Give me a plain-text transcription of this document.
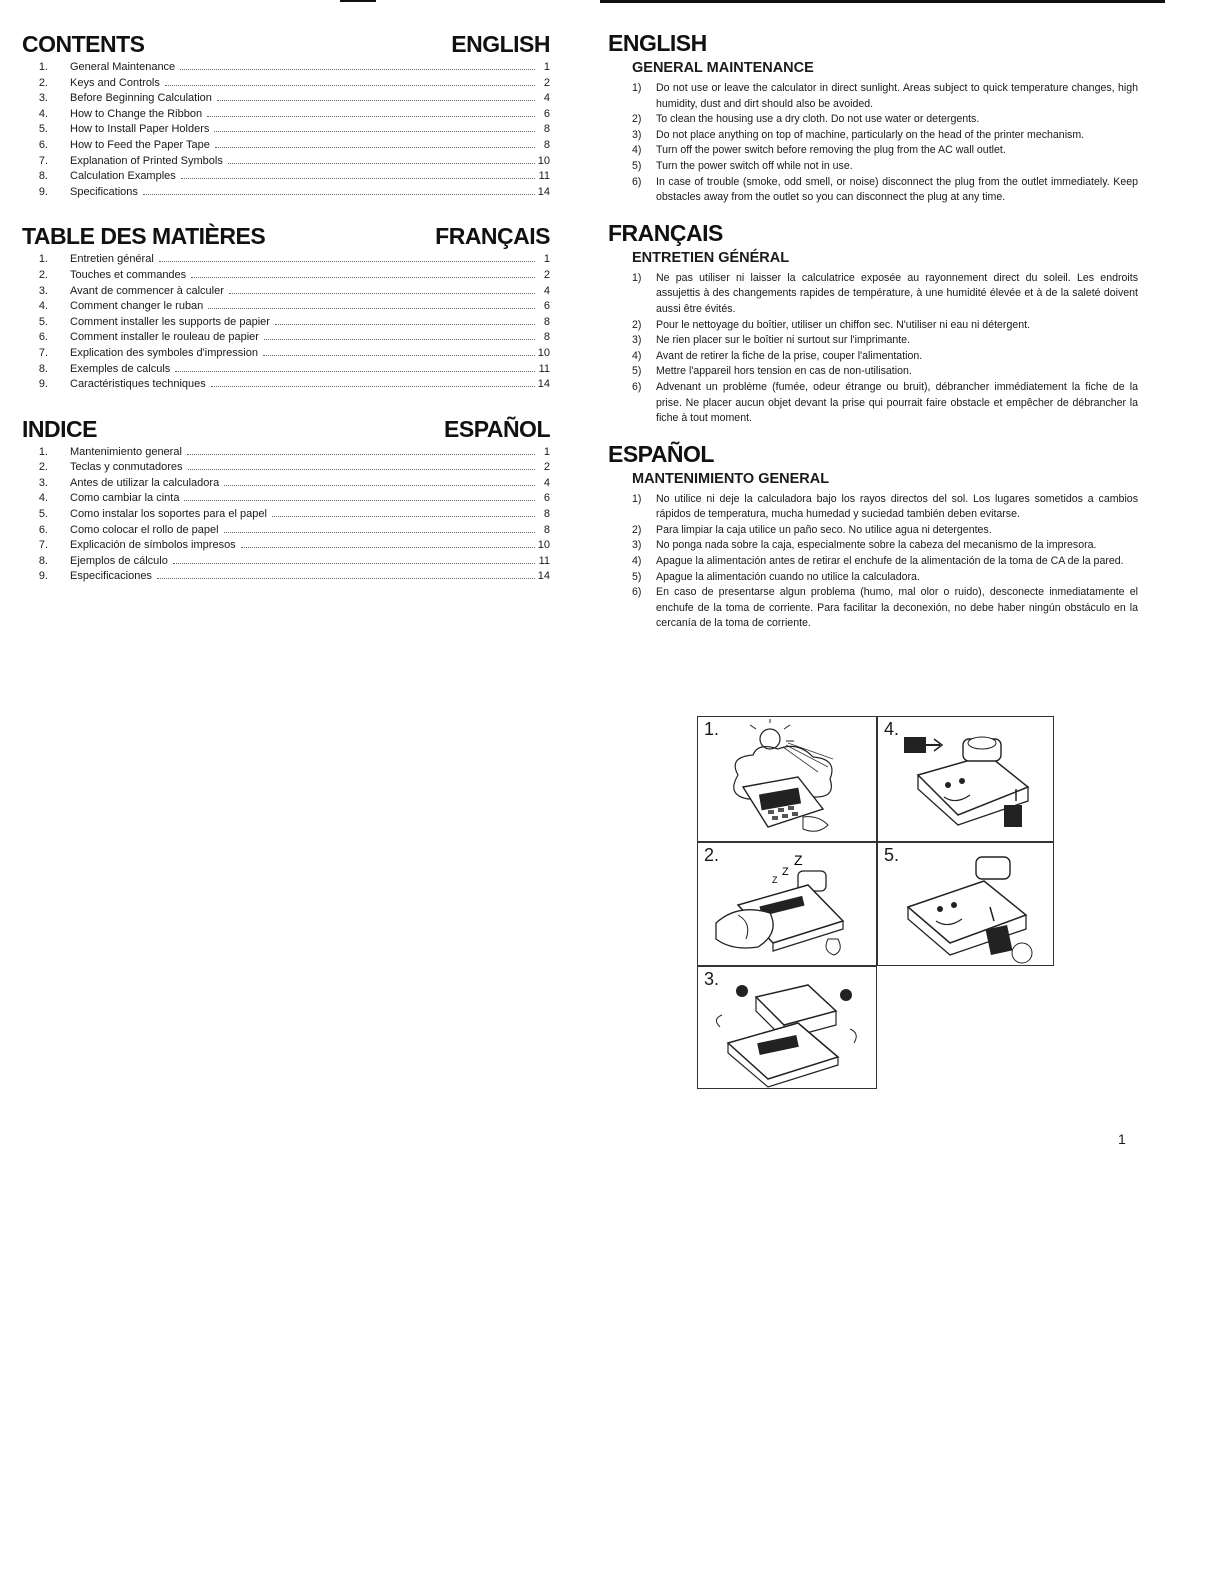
CONTENTS	ENGLISH
1.	General Maintenance	1
2.	Keys and Controls	2
3.	Before Beginning Calculation	4
4.	How to Change the Ribbon	6
5.	How to Install Paper Holders	8
6.	How to Feed the Paper Tape	8
7.	Explanation of Printed Symbols	10
8.	Calculation Examples	11
9.	Specifications	14
TABLE DES MATIÈRES	FRANÇAIS
1.	Entretien général	1
2.	Touches et commandes	2
3.	Avant de commencer à calculer	4
4.	Comment changer le ruban	6
5.	Comment installer les supports de papier	8
6.	Comment installer le rouleau de papier	8
7.	Explication des symboles d'impression	10
8.	Exemples de calculs	11
9.	Caractéristiques techniques	14
INDICE	ESPAÑOL
1.	Mantenimiento general	1
2.	Teclas y conmutadores	2
3.	Antes de utilizar la calculadora	4
4.	Como cambiar la cinta	6
5.	Como instalar los soportes para el papel	8
6.	Como colocar el rollo de papel	8
7.	Explicación de símbolos impresos	10
8.	Ejemplos de cálculo	11
9.	Especificaciones	14
ENGLISH
GENERAL MAINTENANCE
1)	Do not use or leave the calculator in direct sunlight. Areas subject to quick temperature changes, high humidity, dust and dirt should also be avoided.
2)	To clean the housing use a dry cloth. Do not use water or detergents.
3)	Do not place anything on top of machine, particularly on the head of the printer mechanism.
4)	Turn off the power switch before removing the plug from the AC wall outlet.
5)	Turn the power switch off while not in use.
6)	In case of trouble (smoke, odd smell, or noise) disconnect the plug from the outlet immediately. Keep obstacles away from the outlet so you can disconnect the plug at any time.
FRANÇAIS
ENTRETIEN GÉNÉRAL
1)	Ne pas utiliser ni laisser la calculatrice exposée au rayonnement direct du soleil. Les endroits assujettis à des changements rapides de température, à une humidité élevée et à de la saleté doivent aussi être évités.
2)	Pour le nettoyage du boîtier, utiliser un chiffon sec. N'utiliser ni eau ni détergent.
3)	Ne rien placer sur le boîtier ni surtout sur l'imprimante.
4)	Avant de retirer la fiche de la prise, couper l'alimentation.
5)	Mettre l'appareil hors tension en cas de non-utilisation.
6)	Advenant un problème (fumée, odeur étrange ou bruit), débrancher immédiatement la fiche de la prise. Ne placer aucun objet devant la prise qui pourrait faire obstacle et empêcher de débrancher la fiche à tout moment.
ESPAÑOL
MANTENIMIENTO GENERAL
1)	No utilice ni deje la calculadora bajo los rayos directos del sol. Los lugares sometidos a cambios rápidos de temperatura, mucha humedad y suciedad también deben evitarse.
2)	Para limpiar la caja utilice un paño seco. No utilice agua ni detergentes.
3)	No ponga nada sobre la caja, especialmente sobre la cabeza del mecanismo de la impresora.
4)	Apague la alimentación antes de retirar el enchufe de la alimentación de la toma de CA de la pared.
5)	Apague la alimentación cuando no utilice la calculadora.
6)	En caso de presentarse algun problema (humo, mal olor o ruido), desconecte inmediatamente el enchufe de la toma de corriente. Para facilitar la deconexión, no debe haber ningún obstáculo en la cercanía de la toma de corriente.
1.	4.
2.	Z
Z
Z
5.
3.
1
